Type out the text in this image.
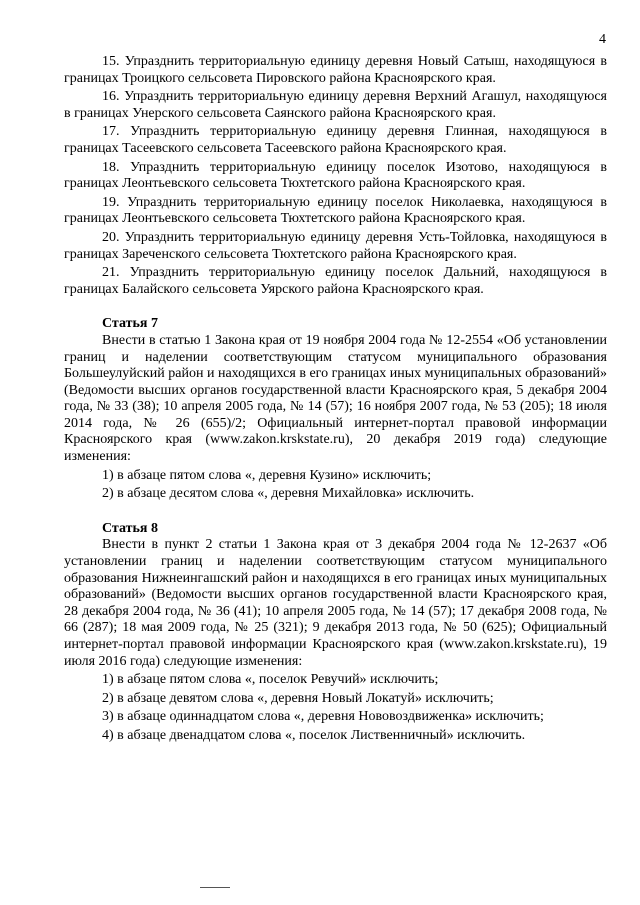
4

15. Упразднить территориальную единицу деревня Новый Сатыш, находящуюся в границах Троицкого сельсовета Пировского района Красноярского края.

16. Упразднить территориальную единицу деревня Верхний Агашул, находящуюся в границах Унерского сельсовета Саянского района Красноярского края.

17. Упразднить территориальную единицу деревня Глинная, находящуюся в границах Тасеевского сельсовета Тасеевского района Красноярского края.

18. Упразднить территориальную единицу поселок Изотово, находящуюся в границах Леонтьевского сельсовета Тюхтетского района Красноярского края.

19. Упразднить территориальную единицу поселок Николаевка, находящуюся в границах Леонтьевского сельсовета Тюхтетского района Красноярского края.

20. Упразднить территориальную единицу деревня Усть-Тойловка, находящуюся в границах Зареченского сельсовета Тюхтетского района Красноярского края.

21. Упразднить территориальную единицу поселок Дальний, находящуюся в границах Балайского сельсовета Уярского района Красноярского края.

Статья 7

Внести в статью 1 Закона края от 19 ноября 2004 года № 12-2554 «Об установлении границ и наделении соответствующим статусом муниципального образования Большеулуйский район и находящихся в его границах иных муниципальных образований» (Ведомости высших органов государственной власти Красноярского края, 5 декабря 2004 года, № 33 (38); 10 апреля 2005 года, № 14 (57); 16 ноября 2007 года, № 53 (205); 18 июля 2014 года, № 26 (655)/2; Официальный интернет-портал правовой информации Красноярского края (www.zakon.krskstate.ru), 20 декабря 2019 года) следующие изменения:

1) в абзаце пятом слова «, деревня Кузино» исключить;

2) в абзаце десятом слова «, деревня Михайловка» исключить.

Статья 8

Внести в пункт 2 статьи 1 Закона края от 3 декабря 2004 года № 12-2637 «Об установлении границ и наделении соответствующим статусом муниципального образования Нижнеингашский район и находящихся в его границах иных муниципальных образований» (Ведомости высших органов государственной власти Красноярского края, 28 декабря 2004 года, № 36 (41); 10 апреля 2005 года, № 14 (57); 17 декабря 2008 года, № 66 (287); 18 мая 2009 года, № 25 (321); 9 декабря 2013 года, № 50 (625); Официальный интернет-портал правовой информации Красноярского края (www.zakon.krskstate.ru), 19 июля 2016 года) следующие изменения:

1) в абзаце пятом слова «, поселок Ревучий» исключить;

2) в абзаце девятом слова «, деревня Новый Локатуй» исключить;

3) в абзаце одиннадцатом слова «, деревня Нововоздвиженка» исключить;

4) в абзаце двенадцатом слова «, поселок Лиственничный» исключить.
